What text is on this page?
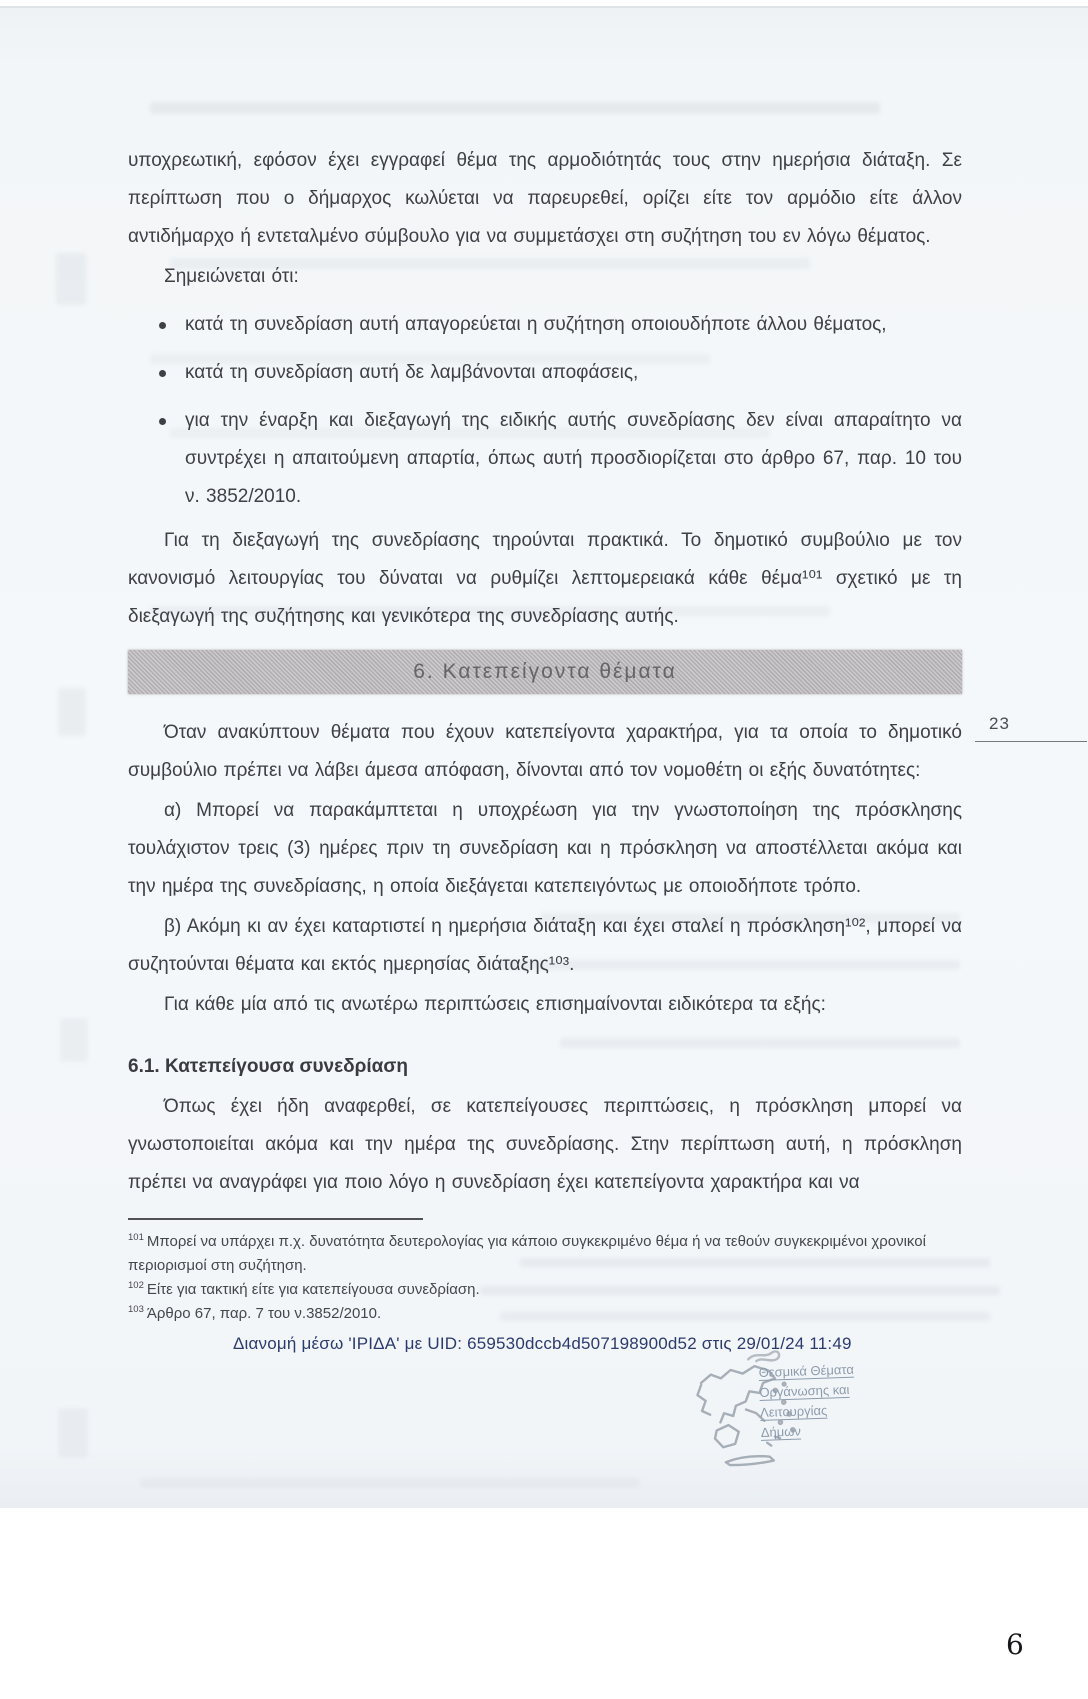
υποχρεωτική, εφόσον έχει εγγραφεί θέμα της αρμοδιότητάς τους στην ημερήσια διάταξη. Σε περίπτωση που ο δήμαρχος κωλύεται να παρευρεθεί, ορίζει είτε τον αρμόδιο είτε άλλον αντιδήμαρχο ή εντεταλμένο σύμβουλο για να συμμετάσχει στη συζήτηση του εν λόγω θέματος.

Σημειώνεται ότι:

κατά τη συνεδρίαση αυτή απαγορεύεται η συζήτηση οποιουδήποτε άλλου θέματος,
κατά τη συνεδρίαση αυτή δε λαμβάνονται αποφάσεις,
για την έναρξη και διεξαγωγή της ειδικής αυτής συνεδρίασης δεν είναι απαραίτητο να συντρέχει η απαιτούμενη απαρτία, όπως αυτή προσδιορίζεται στο άρθρο 67, παρ. 10 του ν. 3852/2010.

Για τη διεξαγωγή της συνεδρίασης τηρούνται πρακτικά. Το δημοτικό συμβούλιο με τον κανονισμό λειτουργίας του δύναται να ρυθμίζει λεπτομερειακά κάθε θέμα¹⁰¹ σχετικό με τη διεξαγωγή της συζήτησης και γενικότερα της συνεδρίασης αυτής.

6. Κατεπείγοντα θέματα

Όταν ανακύπτουν θέματα που έχουν κατεπείγοντα χαρακτήρα, για τα οποία το δημοτικό συμβούλιο πρέπει να λάβει άμεσα απόφαση, δίνονται από τον νομοθέτη οι εξής δυνατότητες:

α) Μπορεί να παρακάμπτεται η υποχρέωση για την γνωστοποίηση της πρόσκλησης τουλάχιστον τρεις (3) ημέρες πριν τη συνεδρίαση και η πρόσκληση να αποστέλλεται ακόμα και την ημέρα της συνεδρίασης, η οποία διεξάγεται κατεπειγόντως με οποιοδήποτε τρόπο.

β) Ακόμη κι αν έχει καταρτιστεί η ημερήσια διάταξη και έχει σταλεί η πρόσκληση¹⁰², μπορεί να συζητούνται θέματα και εκτός ημερησίας διάταξης¹⁰³.

Για κάθε μία από τις ανωτέρω περιπτώσεις επισημαίνονται ειδικότερα τα εξής:

6.1. Κατεπείγουσα συνεδρίαση

Όπως έχει ήδη αναφερθεί, σε κατεπείγουσες περιπτώσεις, η πρόσκληση μπορεί να γνωστοποιείται ακόμα και την ημέρα της συνεδρίασης. Στην περίπτωση αυτή, η πρόσκληση πρέπει να αναγράφει για ποιο λόγο η συνεδρίαση έχει κατεπείγοντα χαρακτήρα και να

$^{101}$ Μπορεί να υπάρχει π.χ. δυνατότητα δευτερολογίας για κάποιο συγκεκριμένο θέμα ή να τεθούν συγκεκριμένοι χρονικοί περιορισμοί στη συζήτηση.

$^{102}$ Είτε για τακτική είτε για κατεπείγουσα συνεδρίαση.

$^{103}$ Άρθρο 67, παρ. 7 του ν.3852/2010.

Διανομή μέσω 'ΙΡΙΔΑ' με UID: 659530dccb4d507198900d52 στις 29/01/24 11:49

23
Θεσμικά Θέματα
Οργάνωσης και
Λειτουργίας
Δήμων
6
